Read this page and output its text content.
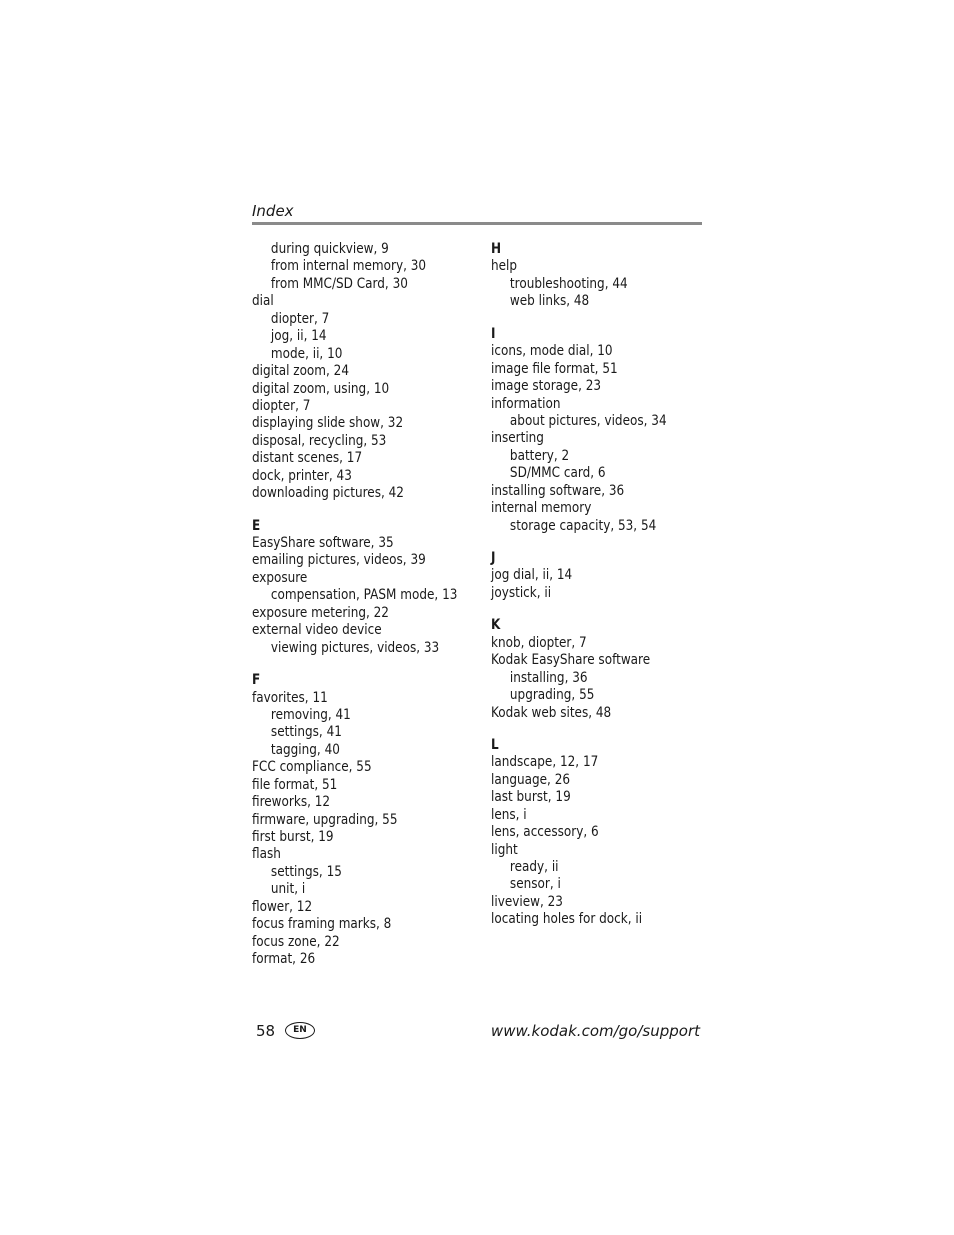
Index
during quickview, 9
from internal memory, 30
from MMC/SD Card, 30
dial
diopter, 7
jog, ii, 14
mode, ii, 10
digital zoom, 24
digital zoom, using, 10
diopter, 7
displaying slide show, 32
disposal, recycling, 53
distant scenes, 17
dock, printer, 43
downloading pictures, 42
E
EasyShare software, 35
emailing pictures, videos, 39
exposure
compensation, PASM mode, 13
exposure metering, 22
external video device
viewing pictures, videos, 33
F
favorites, 11
removing, 41
settings, 41
tagging, 40
FCC compliance, 55
file format, 51
fireworks, 12
firmware, upgrading, 55
first burst, 19
flash
settings, 15
unit, i
flower, 12
focus framing marks, 8
focus zone, 22
format, 26
H
help
troubleshooting, 44
web links, 48
I
icons, mode dial, 10
image file format, 51
image storage, 23
information
about pictures, videos, 34
inserting
battery, 2
SD/MMC card, 6
installing software, 36
internal memory
storage capacity, 53, 54
J
jog dial, ii, 14
joystick, ii
K
knob, diopter, 7
Kodak EasyShare software
installing, 36
upgrading, 55
Kodak web sites, 48
L
landscape, 12, 17
language, 26
last burst, 19
lens, i
lens, accessory, 6
light
ready, ii
sensor, i
liveview, 23
locating holes for dock, ii
58	EN	www.kodak.com/go/support
